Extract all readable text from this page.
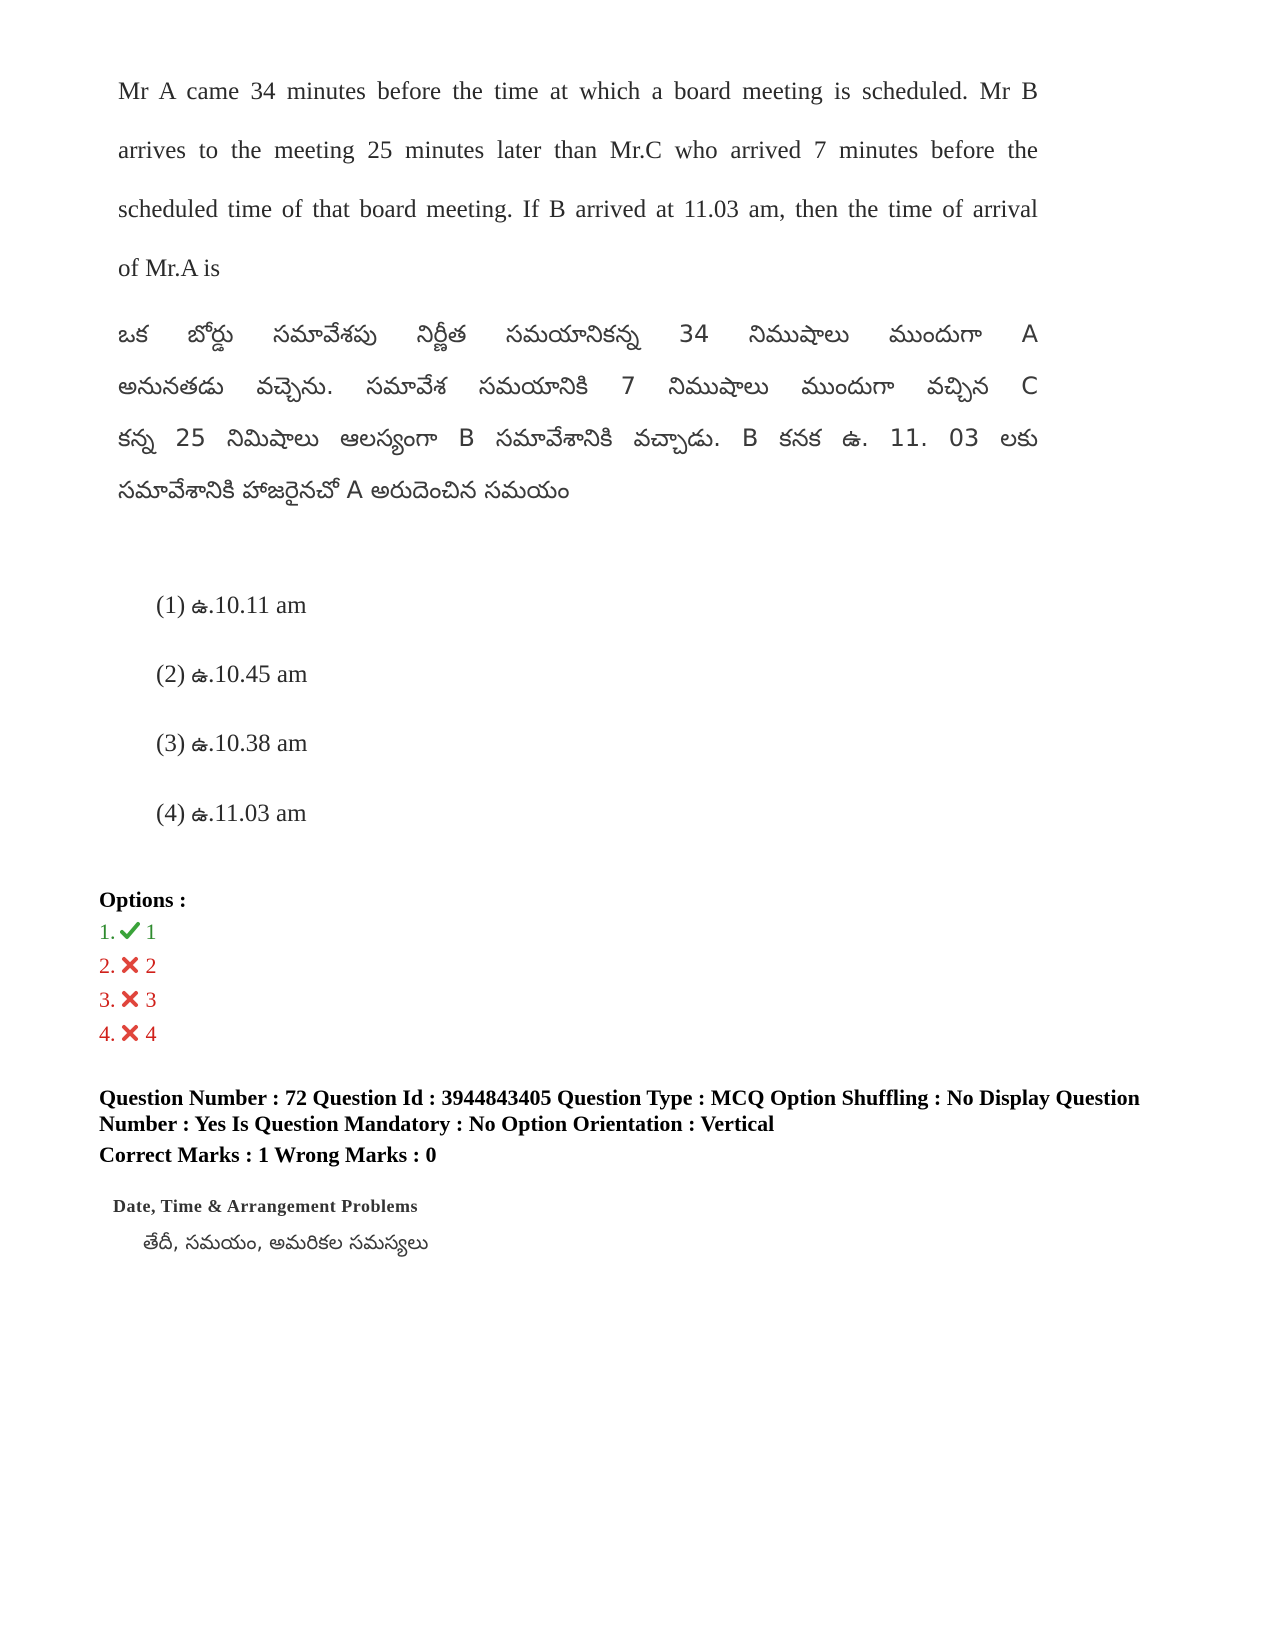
Mr A came 34 minutes before the time at which a board meeting is scheduled. Mr B
arrives to the meeting 25 minutes later than Mr.C who arrived 7 minutes before the
scheduled time of that board meeting. If B arrived at 11.03 am, then the time of arrival
of Mr.A is
ఒక బోర్డు సమావేశపు నిర్ణీత సమయానికన్న 34 నిముషాలు ముందుగా A
అనునతడు వచ్చెను. సమావేశ సమయానికి 7 నిముషాలు ముందుగా వచ్చిన C
కన్న 25 నిమిషాలు ఆలస్యంగా B సమావేశానికి వచ్చాడు. B కనక ఉ. 11. 03 లకు
సమావేశానికి హాజరైనచో A అరుదెంచిన సమయం
(1) ఉ.10.11 am
(2) ఉ.10.45 am
(3) ఉ.10.38 am
(4) ఉ.11.03 am
Options :
1. 1
2. 2
3. 3
4. 4
Question Number : 72 Question Id : 3944843405 Question Type : MCQ Option Shuffling : No Display Question
Number : Yes Is Question Mandatory : No Option Orientation : Vertical
Correct Marks : 1 Wrong Marks : 0
Date, Time & Arrangement Problems
తేదీ, సమయం, అమరికల సమస్యలు
